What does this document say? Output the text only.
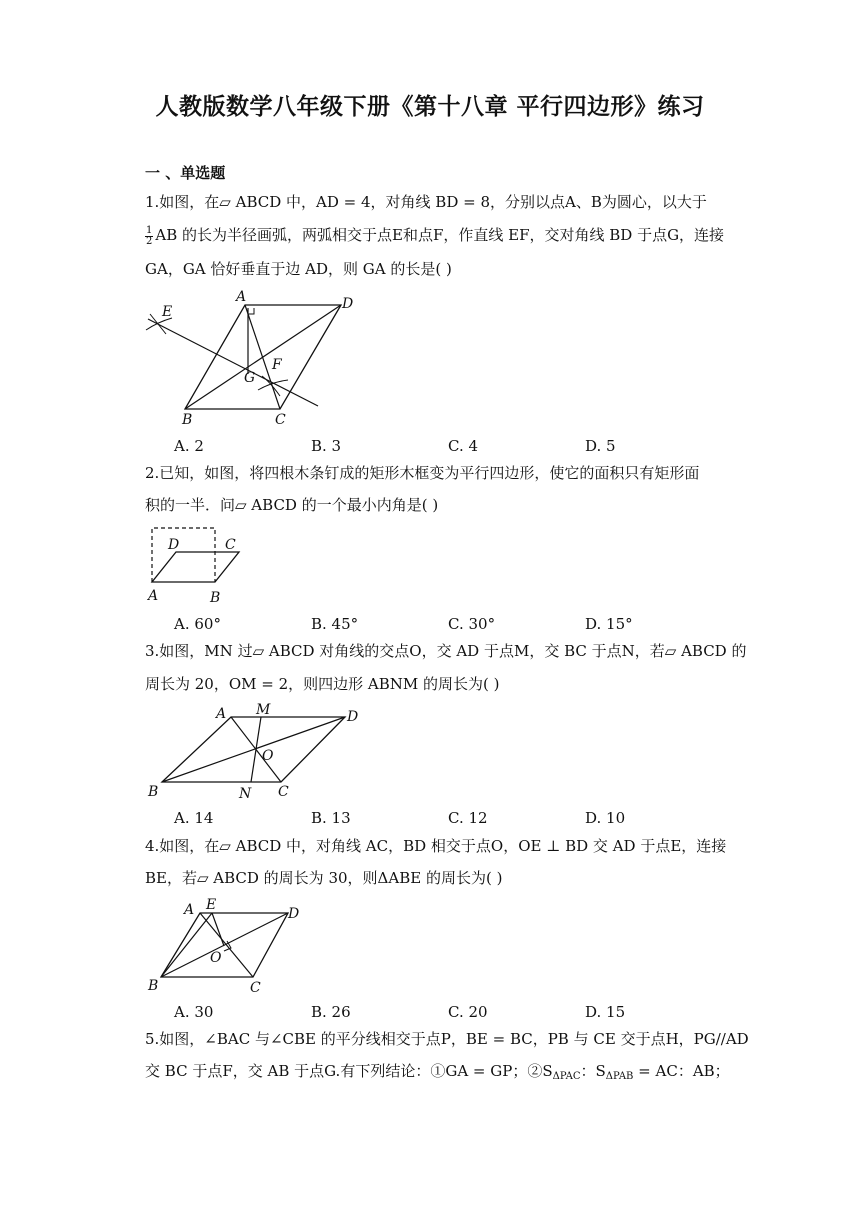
人教版数学八年级下册《第十八章 平行四边形》练习
一 、单选题
1.如图，在▱ ABCD 中，AD = 4，对角线 BD = 8，分别以点A、B为圆心，以大于
$\frac{1}{2}$ AB 的长为半径画弧，两弧相交于点E和点F，作直线 EF，交对角线 BD 于点G，连接
GA，GA 恰好垂直于边 AD，则 GA 的长是( )
A	D
E
F
G
B	C
A. 2	B. 3	C. 4	D. 5
2.已知，如图，将四根木条钉成的矩形木框变为平行四边形，使它的面积只有矩形面
积的一半．问▱ ABCD 的一个最小内角是( )
D	C
A	B
A. 60°	B. 45°	C. 30°	D. 15°
3.如图，MN 过▱ ABCD 对角线的交点O，交 AD 于点M，交 BC 于点N，若▱ ABCD 的
周长为 20，OM = 2，则四边形 ABNM 的周长为( )
A M	D
O
B	N C
A. 14	B. 13	C. 12	D. 10
4.如图，在▱ ABCD 中，对角线 AC，BD 相交于点O，OE ⊥ BD 交 AD 于点E，连接
BE，若▱ ABCD 的周长为 30，则ΔABE 的周长为( )
A E
D
O
B	C
A. 30	B. 26	C. 20	D. 15
5.如图，∠BAC 与∠CBE 的平分线相交于点P，BE = BC，PB 与 CE 交于点H，PG//AD
交 BC 于点F，交 AB 于点G.有下列结论：①GA = GP；$②S_{\Delta PAC}$：$S_{\Delta PAB}$ = AC：AB；
